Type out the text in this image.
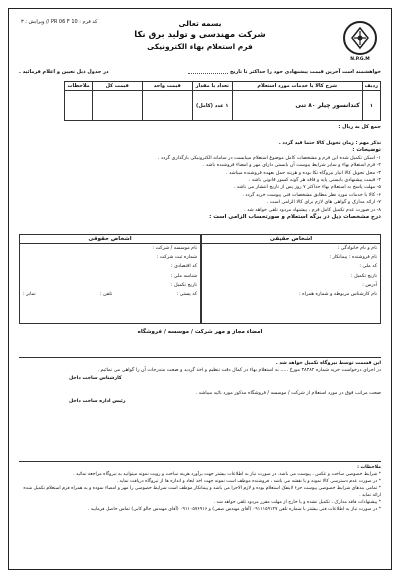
کد فرم : PR 06 F 10 // ویرایش : ۳
N.P.G.M
بسمه تعالی
شرکت مهندسی و تولید برق نکا
فرم استعلام بهاء الکترونیکی
خواهشمند است آخرین قیمت پیشنهادی خود را حداکثر تا تاریخ
در جدول ذیل تعیین و اعلام فرمائید .
ردیف	شرح کالا یا خدمات مورد استعلام	تعداد یا مقدار	قیمت واحد	قیمت کل	ملاحظات
۱	کندانسور چیلر ۸۰ تنی	۱ عدد (کامل)			
جمع کل به ریال :

تذکر مهم : زمان تحویل کالا حتما قید گردد .

توضیحات :

۱- اسکن تکمیل شده این فرم و مشخصات کامل موضوع استعلام میبایست در سامانه الکترونیکی بارگذاری گردد .

۲- فرم استعلام بهاء و سایر شرایط پیوست آن بایستی دارای مهر و امضاء فروشنده باشد .

۳- محل تحویل کالا انبار نیروگاه نکا بوده و هزینه حمل بعهده فروشنده میباشد .

۴- قیمت پیشنهادی بایستی پایه و فاقد هر گونه کسور قانونی باشد .

۵- مهلت پاسخ به استعلام بهاء حداکثر ۷ روز پس از تاریخ انتشار می باشد .

۶- کالا یا خدمات مورد نظر مطابق مشخصات فنی پیوست خرید گردد .

۷- ارائه مدارک و گواهی های لازم برای کالا الزامی است .

۸- در صورت عدم تکمیل کامل فرم ، پیشنهاد مردود تلقی خواهد شد .

درج مشخصات ذیل در برگه استعلام و صورتحساب الزامی است :

اشخاص حقیقی
نام و نام خانوادگی :
نام فروشنده : پیمانکار :
کد ملی :
تاریخ تکمیل :
آدرس :
نام کارشناس مربوطه و شماره همراه :
اشخاص حقوقی
نام موسسه / شرکت :
شماره ثبت شرکت :
کد اقتصادی :
شناسه ملی :
تاریخ تکمیل :
کد پستی :
تلفن :
نمابر :
امضاء مجاز و مهر شرکت / موسسه / فروشگاه
این قسمت توسط نیروگاه تکمیل خواهد شد .
در اجرای درخواست خرید شماره ۳۸۳۸۲ مورخ ..... به استعلام بهاء در کمال دقت تنظیم و اخذ گردید و صحت مندرجات آن را گواهی می نمائیم .
کارشناس ساخت داخل
صحت مراتب فوق در مورد استعلام از شرکت / موسسه / فروشگاه مذکور مورد تائید میباشد .
رئیس اداره ساخت داخل
ملاحظات :
* شرایط خصوصی ساخت و عکس ، پیوست می باشد. در صورت نیاز به اطلاعات بیشتر جهت برآورد هزینه ساخت و رویت نمونه میتوانید به نیروگاه مراجعه نمائید .
* در صورت عدم دسترسی کالا نمونه و یا نقشه می باشد ، فروشنده موظف است نمونه جهت اخذ ابعاد و اندازه ها از نیروگاه دریافت نماید .
* تمامی بندهای شرایط خصوصی پیوست جزء لاینفک استعلام بوده و لازم الاجرا می باشد و پیمانکار موظف است شرایط خصوصی را مهر و امضاء نموده و به همراه فرم استعلام تکمیل شده ارائه نماید .
* پیشنهادات فاقد مدارک ، تکمیل نشده و یا خارج از مهلت مقرر مردود تلقی خواهد شد .
* در صورت نیاز به اطلاعات فنی بیشتر با شماره تلفن ۰۹۱۱۱۵۹۱۲۷ (آقای مهندس صفی) و ۰۹۱۱۰۵۷۶۹۱۶ (آقای مهندس جالو کابی) تماس حاصل فرمایید .
